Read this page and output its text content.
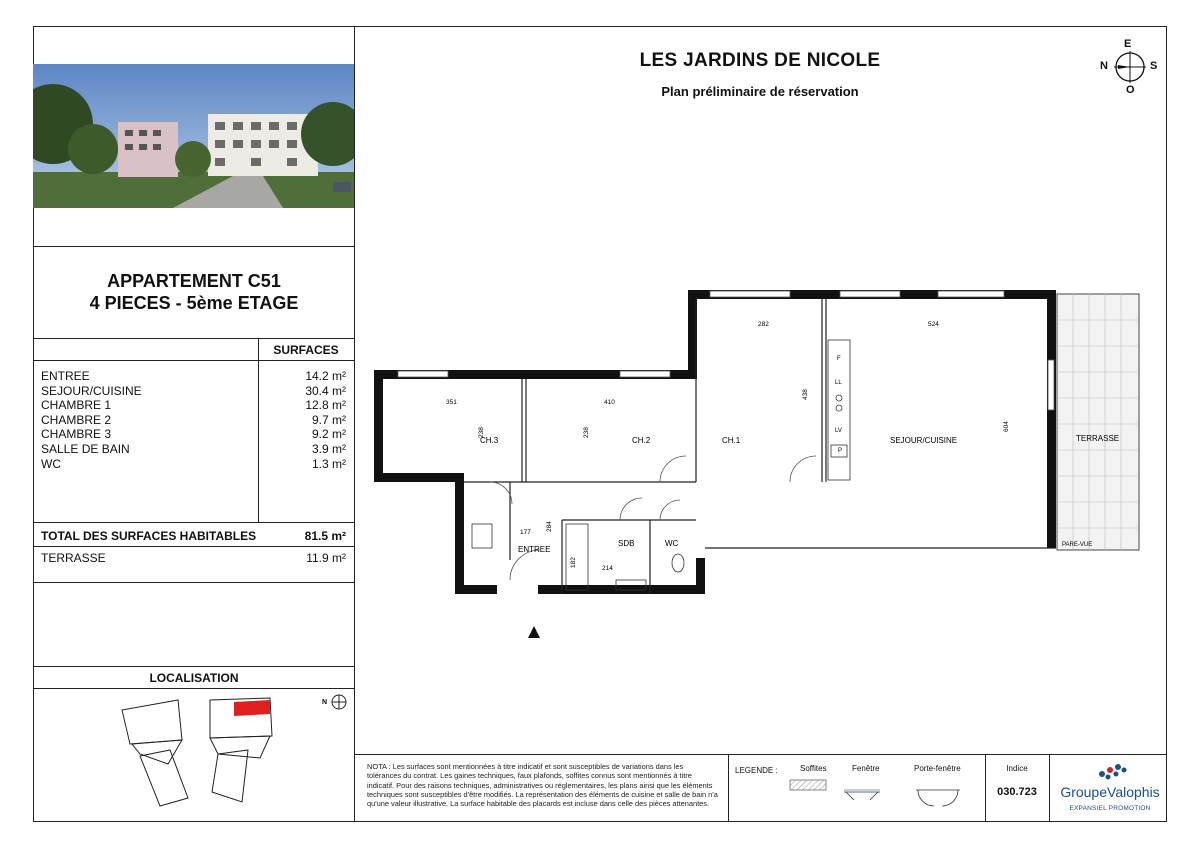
LES JARDINS DE NICOLE
Plan préliminaire de réservation
E
N	S
O
APPARTEMENT C51
4 PIECES - 5ème ETAGE
SURFACES
ENTREE	14.2 m²
SEJOUR/CUISINE	30.4 m²
CHAMBRE 1	12.8 m²
CHAMBRE 2	9.7 m²
CHAMBRE 3	9.2 m²
SALLE DE BAIN	3.9 m²
WC	1.3 m²
TOTAL DES SURFACES HABITABLES	81.5 m²
TERRASSE	11.9 m²
LOCALISATION
N
F
LL
LV
P
CH.3	CH.2	CH.1	SEJOUR/CUISINE	TERRASSE
ENTREE
SDB	WC	PARE-VUE
351	410
282	524
438
604
238	238
177
284
182
214
NOTA : Les surfaces sont mentionnées à titre indicatif et sont susceptibles de variations dans les tolérances du contrat. Les gaines techniques, faux plafonds, soffites connus sont mentionnés à titre indicatif. Pour des raisons techniques, administratives ou réglementaires, les plans ainsi que les éléments techniques sont susceptibles d'être modifiés. La représentation des éléments de cuisine et salle de bain n'a qu'une valeur illustrative. La surface habitable des placards est incluse dans celle des pièces attenantes.
LEGENDE :	Soffites	Fenêtre	Porte-fenêtre	Indice
030.723	GroupeValophis
EXPANSIEL PROMOTION
